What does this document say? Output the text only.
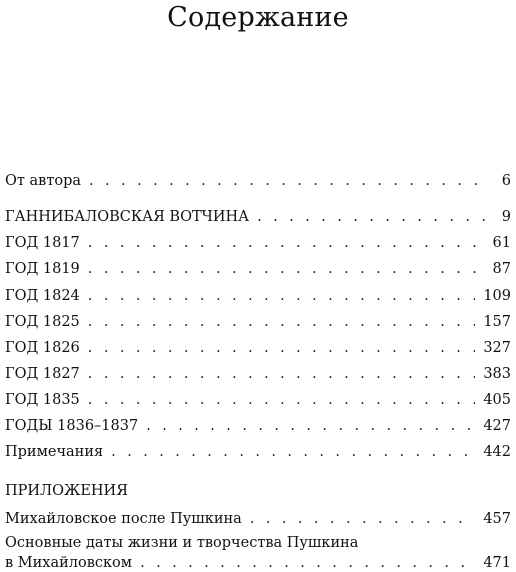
Содержание
От автора . . .	6
ГАННИБАЛОВСКАЯ ВОТЧИНА . . .	9
ГОД 1817 . . .	61
ГОД 1819 . . .	87
ГОД 1824 . . .	109
ГОД 1825 . . .	157
ГОД 1826 . . .	327
ГОД 1827 . . .	383
ГОД 1835 . . .	405
ГОДЫ 1836–1837 . . .	427
Примечания . . .	442
ПРИЛОЖЕНИЯ
Михайловское после Пушкина . . .	457
Основные даты жизни и творчества Пушкина
в Михайловском . . .	471
